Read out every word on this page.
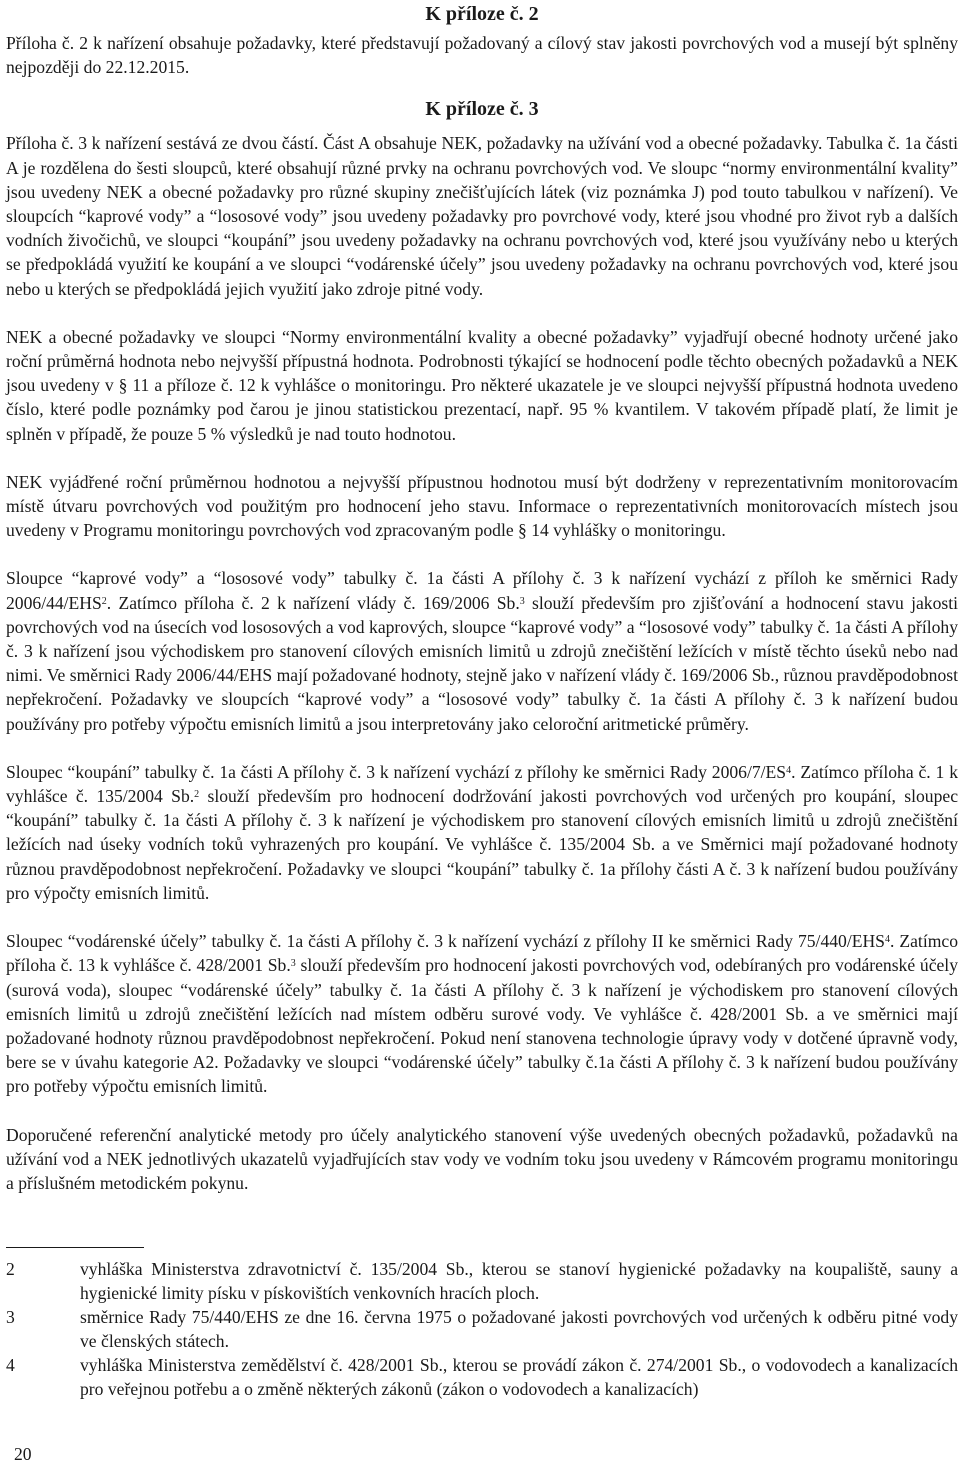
K příloze č. 2

Příloha č. 2 k nařízení obsahuje požadavky, které představují požadovaný a cílový stav jakosti povrchových vod a musejí být splněny nejpozději do 22.12.2015.

K příloze č. 3

Příloha č. 3 k nařízení sestává ze dvou částí. Část A obsahuje NEK, požadavky na užívání vod a obecné požadavky. Tabulka č. 1a části A je rozdělena do šesti sloupců, které obsahují různé prvky na ochranu povrchových vod. Ve sloupc “normy environmentální kvality” jsou uvedeny NEK a obecné požadavky pro různé skupiny znečišťujících látek (viz poznámka J) pod touto tabulkou v nařízení). Ve sloupcích “kaprové vody” a “lososové vody” jsou uvedeny požadavky pro povrchové vody, které jsou vhodné pro život ryb a dalších vodních živočichů, ve sloupci “koupání” jsou uvedeny požadavky na ochranu povrchových vod, které jsou využívány nebo u kterých se předpokládá využití ke koupání a ve sloupci “vodárenské účely” jsou uvedeny požadavky na ochranu povrchových vod, které jsou nebo u kterých se předpokládá jejich využití jako zdroje pitné vody.

NEK a obecné požadavky ve sloupci “Normy environmentální kvality a obecné požadavky” vyjadřují obecné hodnoty určené jako roční průměrná hodnota nebo nejvyšší přípustná hodnota. Podrobnosti týkající se hodnocení podle těchto obecných požadavků a NEK jsou uvedeny v § 11 a příloze č. 12 k vyhlášce o monitoringu. Pro některé ukazatele je ve sloupci nejvyšší přípustná hodnota uvedeno číslo, které podle poznámky pod čarou je jinou statistickou prezentací, např. 95 % kvantilem. V takovém případě platí, že limit je splněn v případě, že pouze 5 % výsledků je nad touto hodnotou.

NEK vyjádřené roční průměrnou hodnotou a nejvyšší přípustnou hodnotou musí být dodrženy v reprezentativním monitorovacím místě útvaru povrchových vod použitým pro hodnocení jeho stavu. Informace o reprezentativních monitorovacích místech jsou uvedeny v Programu monitoringu povrchových vod zpracovaným podle § 14 vyhlášky o monitoringu.

Sloupce “kaprové vody” a “lososové vody” tabulky č. 1a části A přílohy č. 3 k nařízení vychází z příloh ke směrnici Rady 2006/44/EHS$^2$. Zatímco příloha č. 2 k nařízení vlády č. 169/2006 Sb.$^3$ slouží především pro zjišťování a hodnocení stavu jakosti povrchových vod na úsecích vod lososových a vod kaprových, sloupce “kaprové vody” a “lososové vody” tabulky č. 1a části A přílohy č. 3 k nařízení jsou východiskem pro stanovení cílových emisních limitů u zdrojů znečištění ležících v místě těchto úseků nebo nad nimi. Ve směrnici Rady 2006/44/EHS mají požadované hodnoty, stejně jako v nařízení vlády č. 169/2006 Sb., různou pravděpodobnost nepřekročení. Požadavky ve sloupcích “kaprové vody” a “lososové vody” tabulky č. 1a části A přílohy č. 3 k nařízení budou používány pro potřeby výpočtu emisních limitů a jsou interpretovány jako celoroční aritmetické průměry.

Sloupec “koupání” tabulky č. 1a části A přílohy č. 3 k nařízení vychází z přílohy ke směrnici Rady $2006/7/ES^4$. Zatímco příloha č. 1 k vyhlášce č. 135/2004 Sb.$^2$ slouží především pro hodnocení dodržování jakosti povrchových vod určených pro koupání, sloupec “koupání” tabulky č. 1a části A přílohy č. 3 k nařízení je východiskem pro stanovení cílových emisních limitů u zdrojů znečištění ležících nad úseky vodních toků vyhrazených pro koupání. Ve vyhlášce č. 135/2004 Sb. a ve Směrnici mají požadované hodnoty různou pravděpodobnost nepřekročení. Požadavky ve sloupci “koupání” tabulky č. 1a přílohy části A č. 3 k nařízení budou používány pro výpočty emisních limitů.

Sloupec “vodárenské účely” tabulky č. 1a části A přílohy č. 3 k nařízení vychází z přílohy II ke směrnici Rady 75/440/EHS$^4$. Zatímco příloha č. 13 k vyhlášce č. 428/2001 Sb.$^3$ slouží především pro hodnocení jakosti povrchových vod, odebíraných pro vodárenské účely (surová voda), sloupec “vodárenské účely” tabulky č. 1a části A přílohy č. 3 k nařízení je východiskem pro stanovení cílových emisních limitů u zdrojů znečištění ležících nad místem odběru surové vody. Ve vyhlášce č. 428/2001 Sb. a ve směrnici mají požadované hodnoty různou pravděpodobnost nepřekročení. Pokud není stanovena technologie úpravy vody v dotčené úpravně vody, bere se v úvahu kategorie A2. Požadavky ve sloupci “vodárenské účely” tabulky č.1a části A přílohy č. 3 k nařízení budou používány pro potřeby výpočtu emisních limitů.

Doporučené referenční analytické metody pro účely analytického stanovení výše uvedených obecných požadavků, požadavků na užívání vod a NEK jednotlivých ukazatelů vyjadřujících stav vody ve vodním toku jsou uvedeny v Rámcovém programu monitoringu a příslušném metodickém pokynu.

2	vyhláška Ministerstva zdravotnictví č. 135/2004 Sb., kterou se stanoví hygienické požadavky na koupaliště, sauny a hygienické limity písku v pískovištích venkovních hracích ploch.
3	směrnice Rady 75/440/EHS ze dne 16. června 1975 o požadované jakosti povrchových vod určených k odběru pitné vody ve členských státech.
4	vyhláška Ministerstva zemědělství č. 428/2001 Sb., kterou se provádí zákon č. 274/2001 Sb., o vodovodech a kanalizacích pro veřejnou potřebu a o změně některých zákonů (zákon o vodovodech a kanalizacích)
20
